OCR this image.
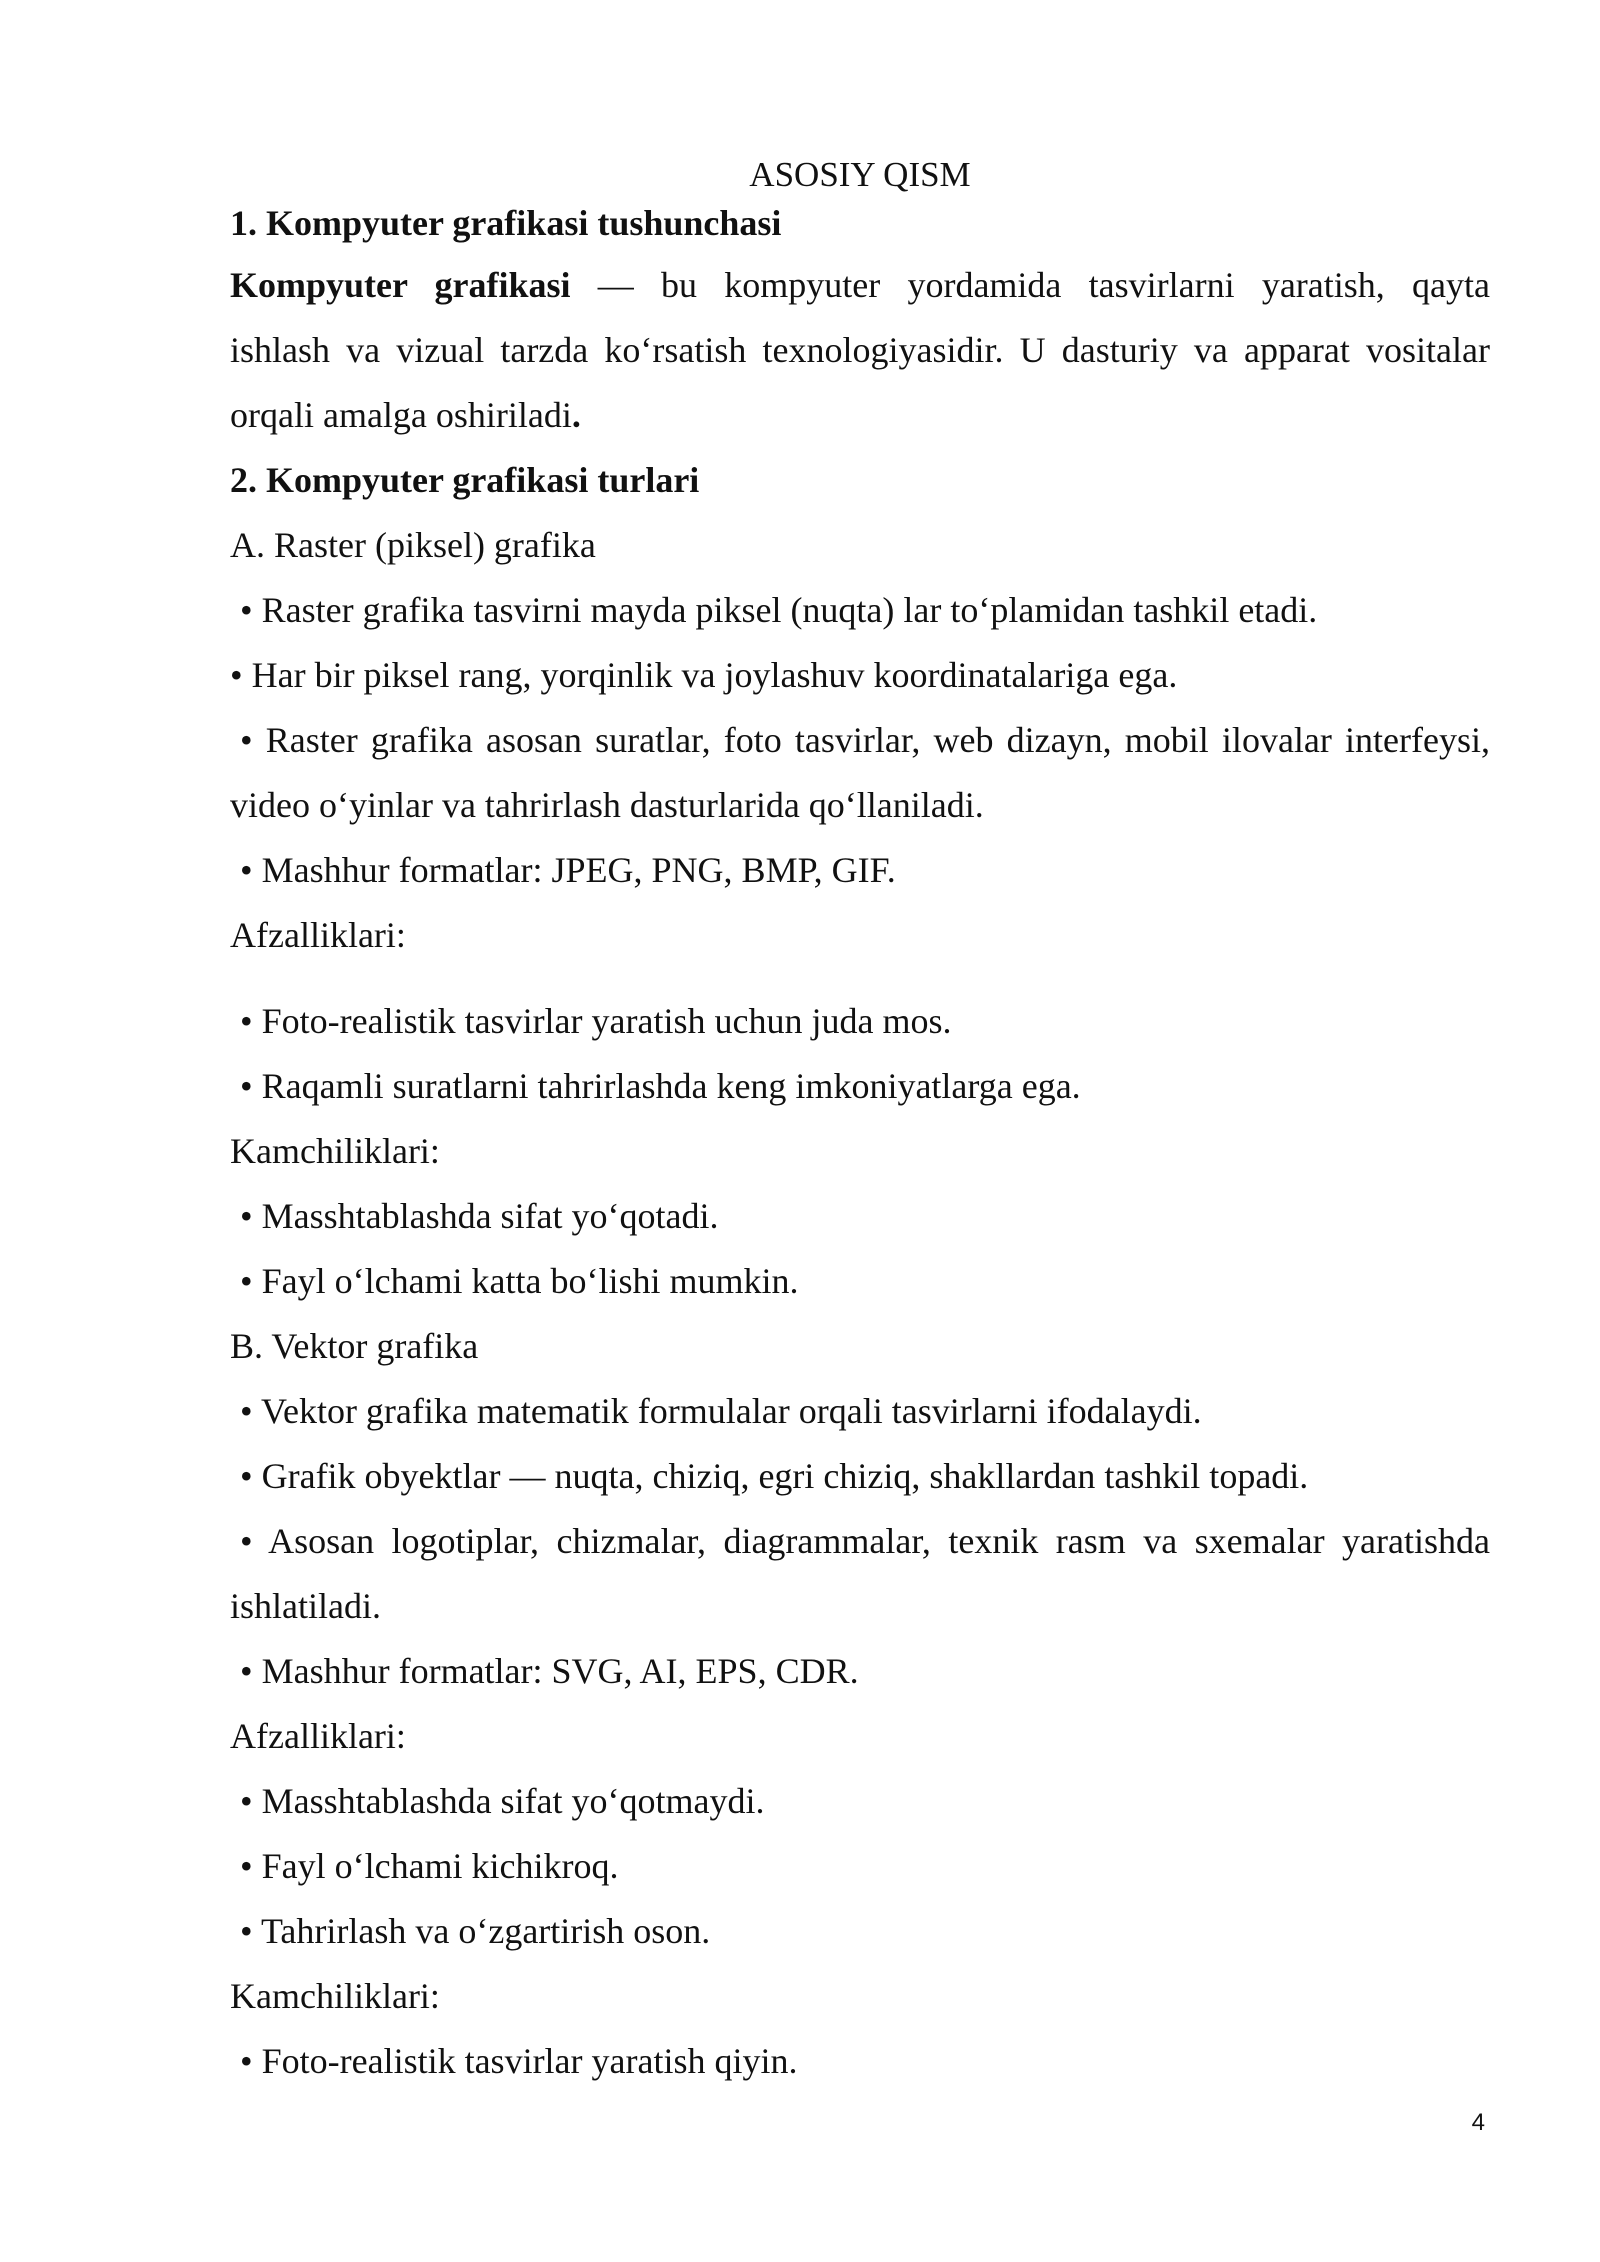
ASOSIY QISM
1. Kompyuter grafikasi tushunchasi
Kompyuter grafikasi — bu kompyuter yordamida tasvirlarni yaratish, qayta
ishlash va vizual tarzda koʻrsatish texnologiyasidir. U dasturiy va apparat vositalar
orqali amalga oshiriladi.
2. Kompyuter grafikasi turlari
A. Raster (piksel) grafika
• Raster grafika tasvirni mayda piksel (nuqta) lar toʻplamidan tashkil etadi.
• Har bir piksel rang, yorqinlik va joylashuv koordinatalariga ega.
• Raster grafika asosan suratlar, foto tasvirlar, web dizayn, mobil ilovalar interfeysi,
video oʻyinlar va tahrirlash dasturlarida qoʻllaniladi.
• Mashhur formatlar: JPEG, PNG, BMP, GIF.
Afzalliklari:
• Foto-realistik tasvirlar yaratish uchun juda mos.
• Raqamli suratlarni tahrirlashda keng imkoniyatlarga ega.
Kamchiliklari:
• Masshtablashda sifat yoʻqotadi.
• Fayl oʻlchami katta boʻlishi mumkin.
B. Vektor grafika
• Vektor grafika matematik formulalar orqali tasvirlarni ifodalaydi.
• Grafik obyektlar — nuqta, chiziq, egri chiziq, shakllardan tashkil topadi.
• Asosan logotiplar, chizmalar, diagrammalar, texnik rasm va sxemalar yaratishda
ishlatiladi.
• Mashhur formatlar: SVG, AI, EPS, CDR.
Afzalliklari:
• Masshtablashda sifat yoʻqotmaydi.
• Fayl oʻlchami kichikroq.
• Tahrirlash va oʻzgartirish oson.
Kamchiliklari:
• Foto-realistik tasvirlar yaratish qiyin.
4
